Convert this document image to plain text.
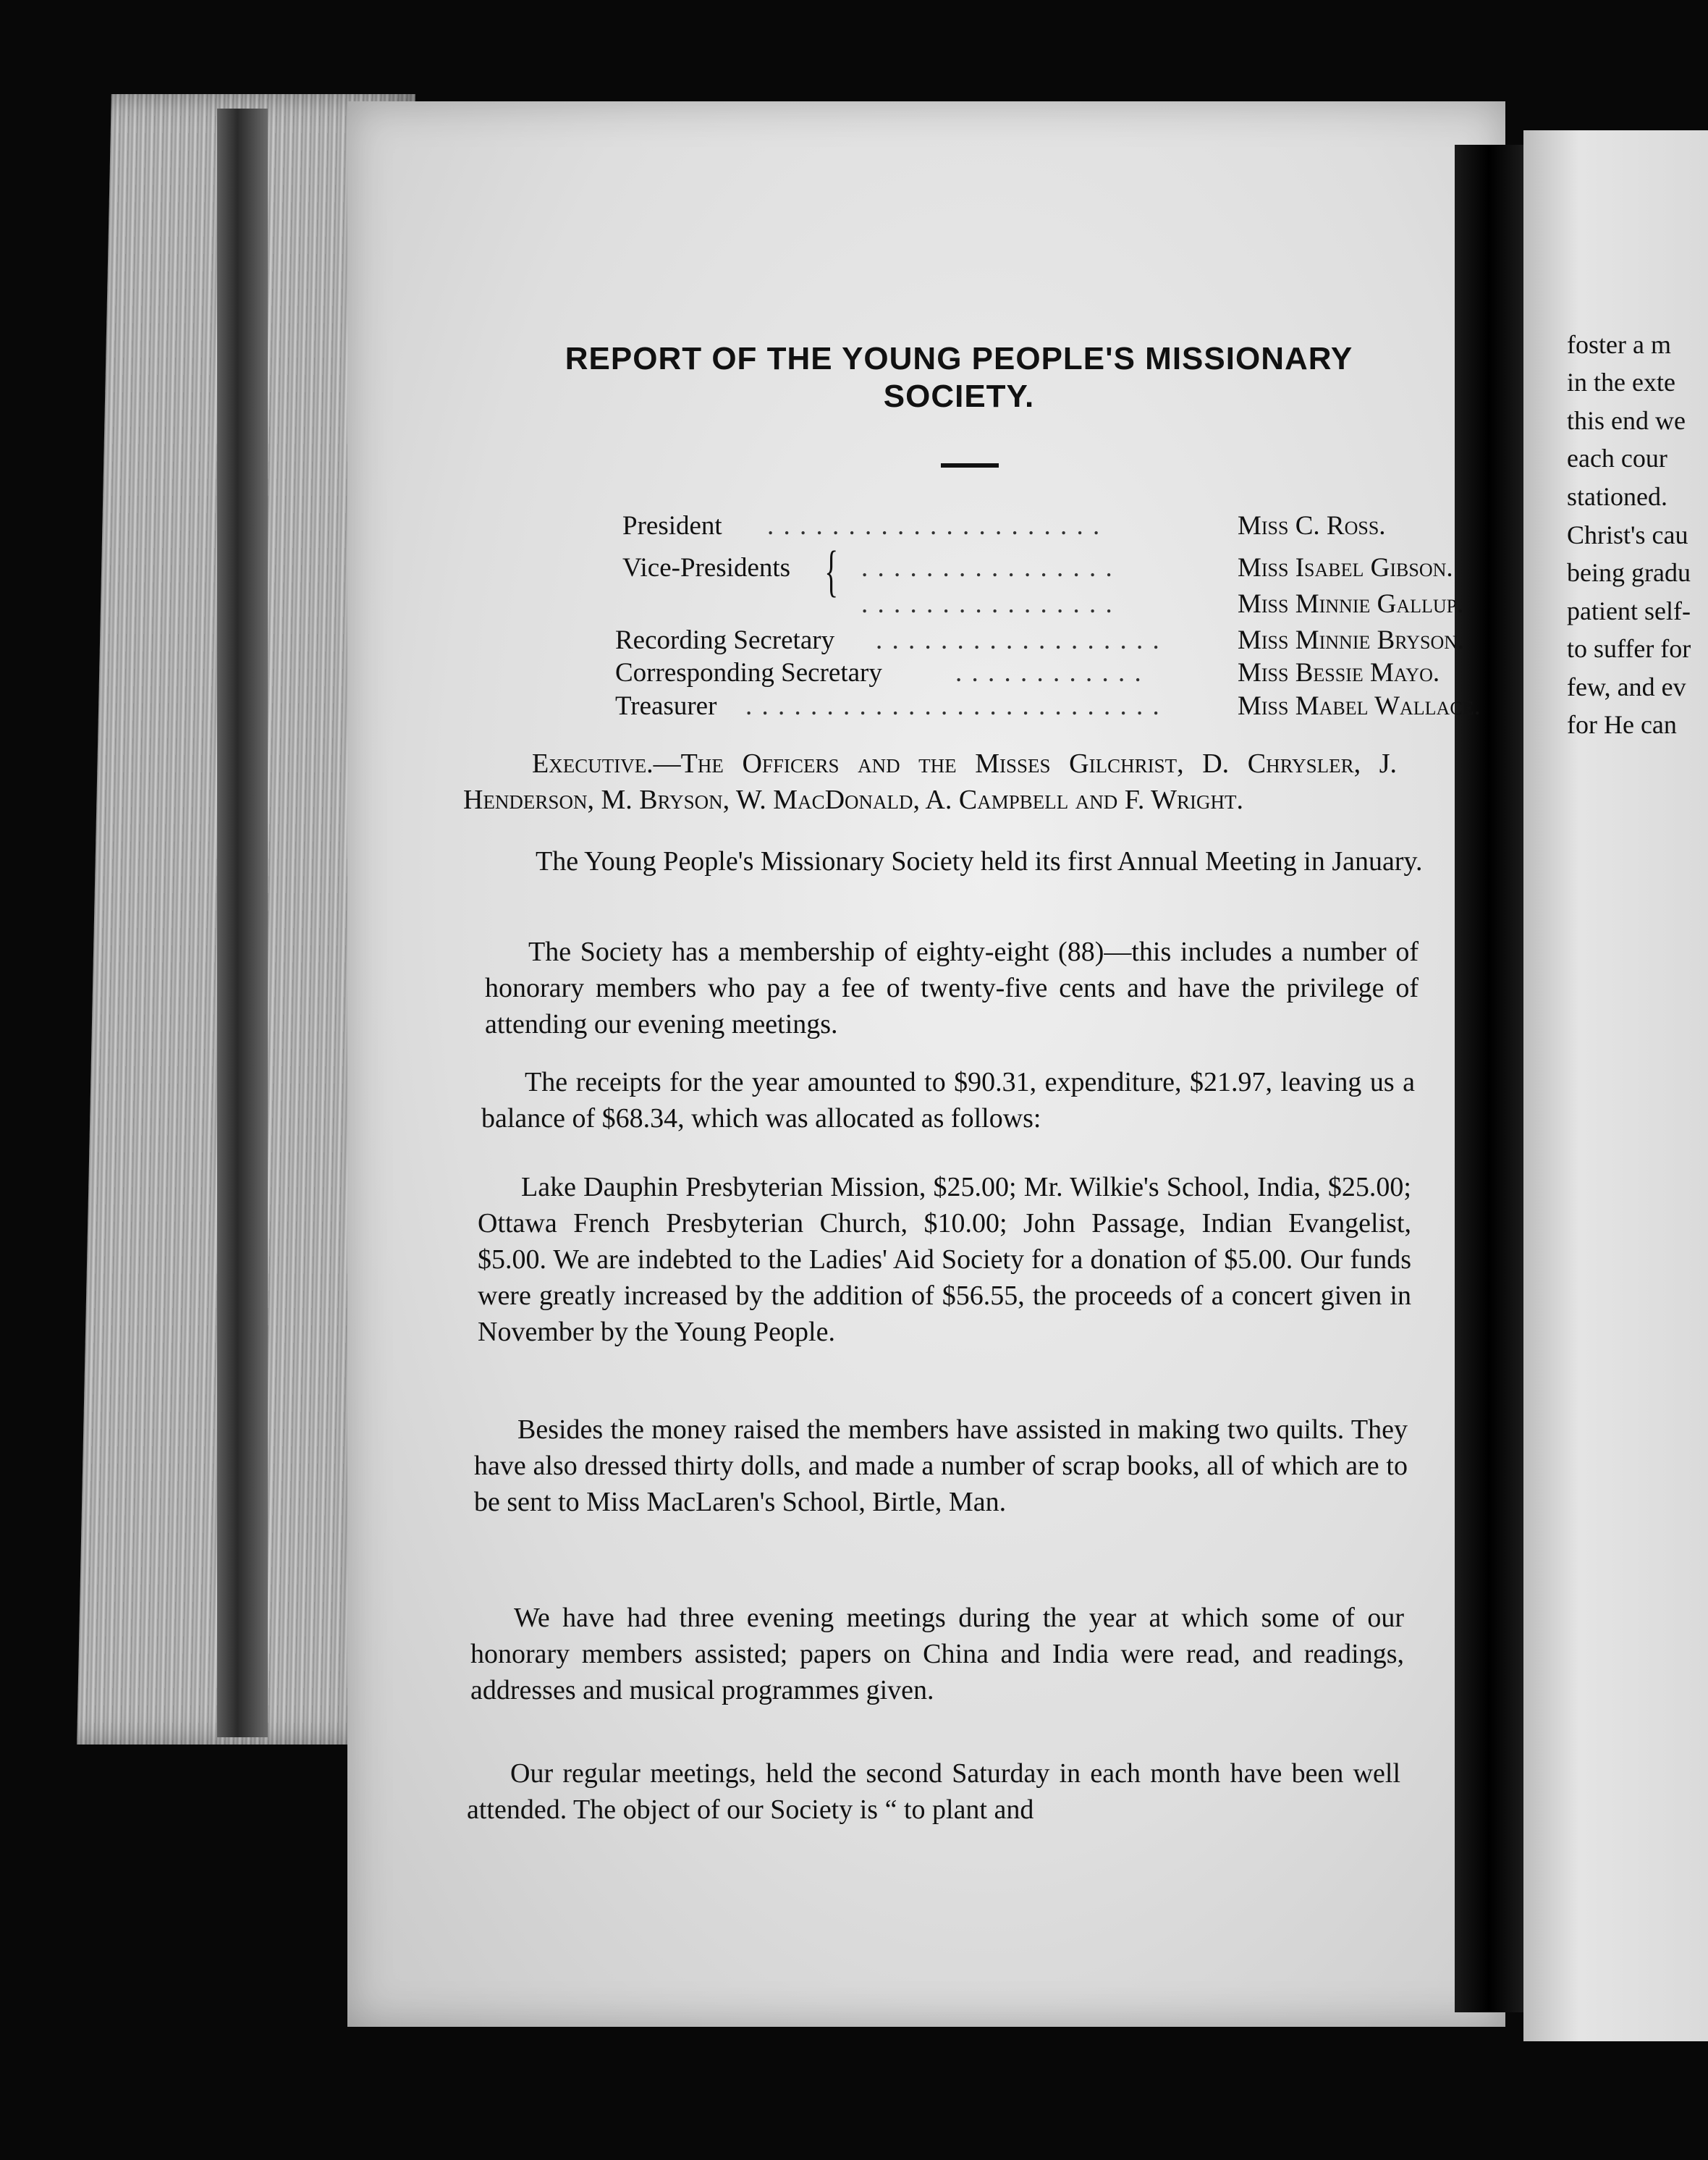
foster a m
in the exte
this end we
each cour
stationed.
Christ's cau
being gradu
patient self-
to suffer for
few, and ev
for He can
REPORT OF THE YOUNG PEOPLE'S MISSIONARY SOCIETY.
President . . . . . . . . . . . . . . . . . . . . .	Miss C. Ross.
Vice-Presidents	. . . . . . . . . . . . . . . .	Miss Isabel Gibson.
{
. . . . . . . . . . . . . . . .	Miss Minnie Gallup.
Recording Secretary . . . . . . . . . . . . . . . . . .	Miss Minnie Bryson.
Corresponding Secretary	. . . . . . . . . . . .	Miss Bessie Mayo.
Treasurer . . . . . . . . . . . . . . . . . . . . . . . . . .	Miss Mabel Wallace.
Executive.—The Officers and the Misses Gilchrist, D. Chrysler, J. Henderson, M. Bryson, W. MacDonald, A. Campbell and F. Wright.
The Young People's Missionary Society held its first Annual Meeting in January.
The Society has a membership of eighty-eight (88)—this includes a number of honorary members who pay a fee of twenty-five cents and have the privilege of attending our evening meetings.
The receipts for the year amounted to $90.31, expenditure, $21.97, leaving us a balance of $68.34, which was allocated as follows:
Lake Dauphin Presbyterian Mission, $25.00; Mr. Wilkie's School, India, $25.00; Ottawa French Presbyterian Church, $10.00; John Passage, Indian Evangelist, $5.00. We are indebted to the Ladies' Aid Society for a donation of $5.00. Our funds were greatly increased by the addition of $56.55, the proceeds of a concert given in November by the Young People.
Besides the money raised the members have assisted in making two quilts. They have also dressed thirty dolls, and made a number of scrap books, all of which are to be sent to Miss MacLaren's School, Birtle, Man.
We have had three evening meetings during the year at which some of our honorary members assisted; papers on China and India were read, and readings, addresses and musical programmes given.
Our regular meetings, held the second Saturday in each month have been well attended. The object of our Society is “ to plant and
